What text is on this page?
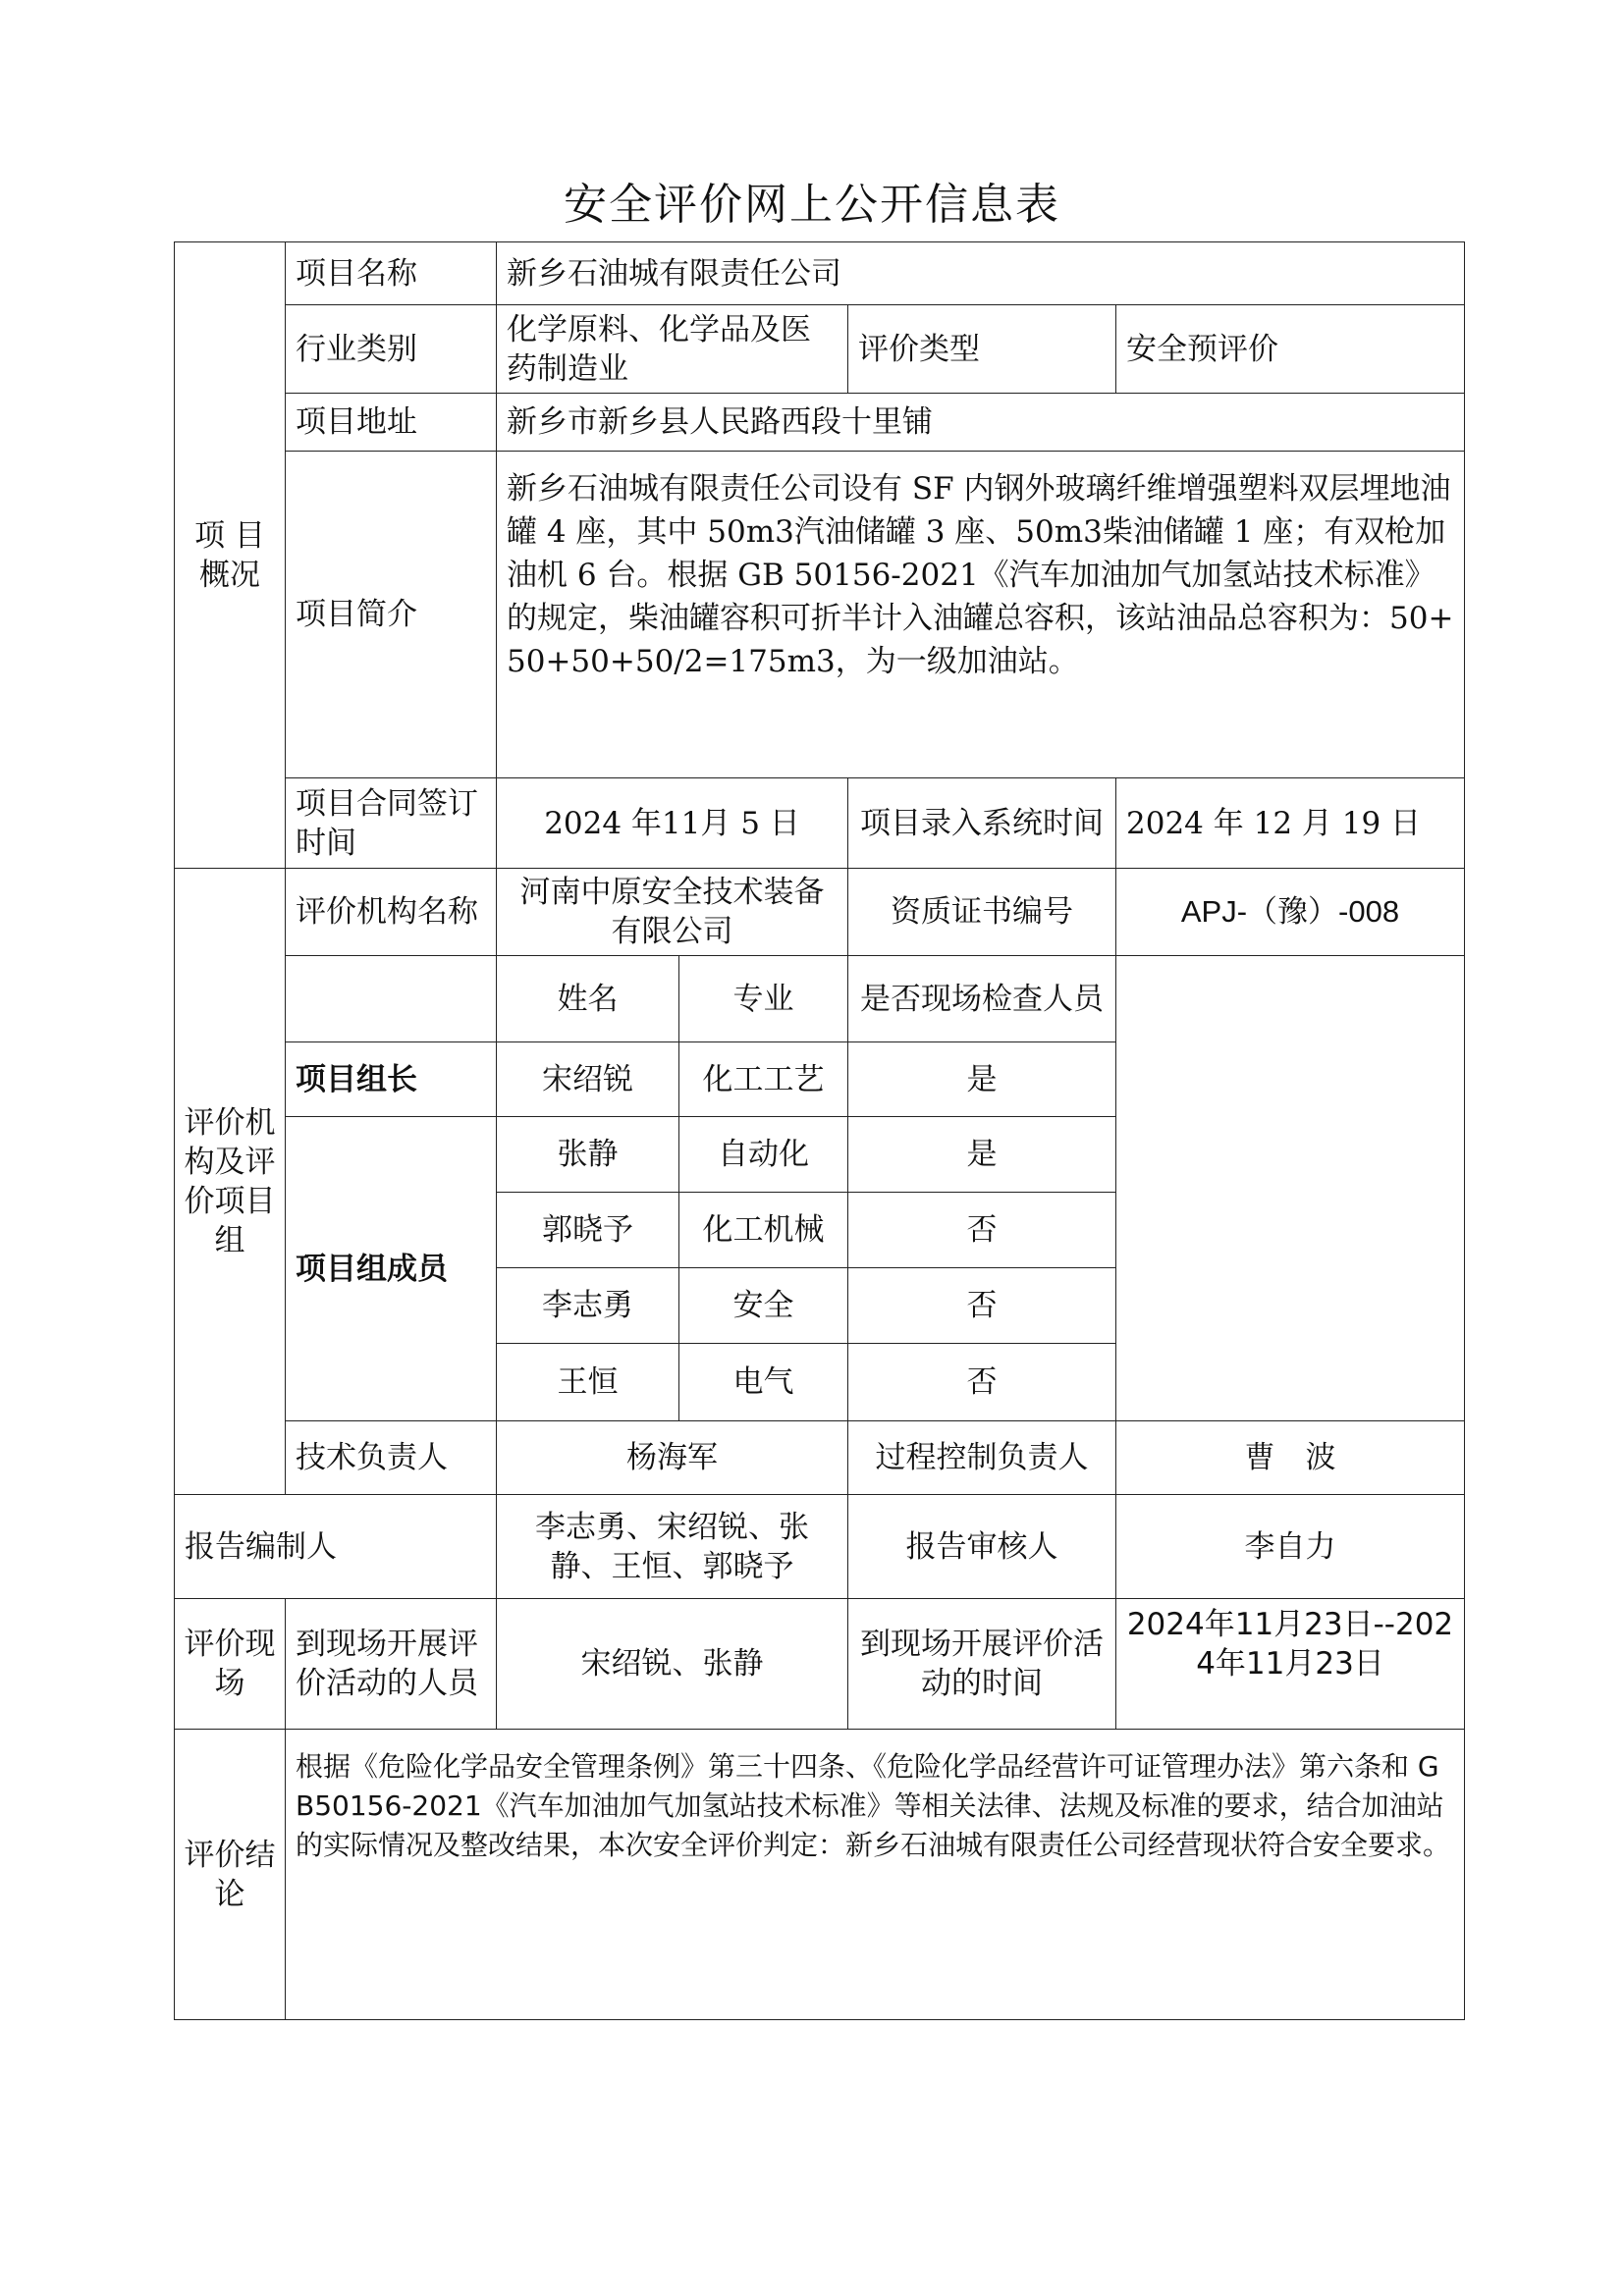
安全评价网上公开信息表
项 目概况	项目名称	新乡石油城有限责任公司			
	行业类别	化学原料、化学品及医药制造业		评价类型	安全预评价
	项目地址	新乡市新乡县人民路西段十里铺			
	项目简介	新乡石油城有限责任公司设有 SF 内钢外玻璃纤维增强塑料双层埋地油罐 4 座，其中 50m3汽油储罐 3 座、50m3柴油储罐 1 座；有双枪加油机 6 台。根据 GB 50156-2021《汽车加油加气加氢站技术标准》的规定，柴油罐容积可折半计入油罐总容积，该站油品总容积为：50+50+50+50/2=175m3，为一级加油站。			
	项目合同签订时间	2024 年11月 5 日		项目录入系统时间	2024 年 12 月 19 日

评价机构及评价项目组	评价机构名称	河南中原安全技术装备有限公司		资质证书编号	APJ-（豫）-008
		姓名	专业	是否现场检查人员	
	项目组长	宋绍锐	化工工艺	是	
	项目组成员	张静	自动化	是	
		郭晓予	化工机械	否	
		李志勇	安全	否	
		王恒	电气	否	
	技术负责人	杨海军		过程控制负责人	曹　波

报告编制人		李志勇、宋绍锐、张静、王恒、郭晓予		报告审核人	李自力
评价现场	到现场开展评价活动的人员	宋绍锐、张静		到现场开展评价活动的时间	2024年11月23日--2024年11月23日
评价结论	根据《危险化学品安全管理条例》第三十四条、《危险化学品经营许可证管理办法》第六条和 GB50156-2021《汽车加油加气加氢站技术标准》等相关法律、法规及标准的要求，结合加油站的实际情况及整改结果，本次安全评价判定：新乡石油城有限责任公司经营现状符合安全要求。				
